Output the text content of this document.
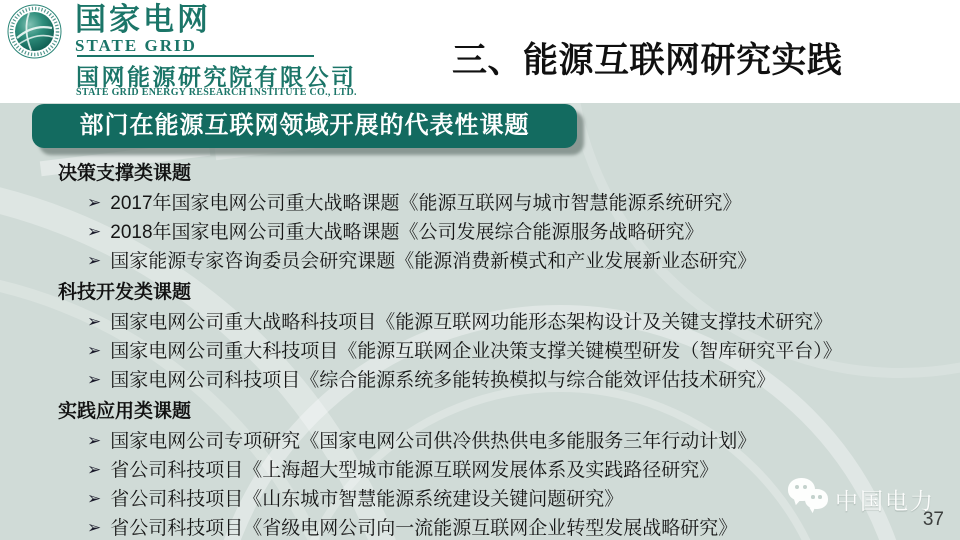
国家电网
STATE GRID
国网能源研究院有限公司
STATE GRID ENERGY RESEARCH INSTITUTE CO., LTD.
三、能源互联网研究实践
部门在能源互联网领域开展的代表性课题
决策支撑类课题
➢ 2017年国家电网公司重大战略课题《能源互联网与城市智慧能源系统研究》
➢ 2018年国家电网公司重大战略课题《公司发展综合能源服务战略研究》
➢ 国家能源专家咨询委员会研究课题《能源消费新模式和产业发展新业态研究》
科技开发类课题
➢ 国家电网公司重大战略科技项目《能源互联网功能形态架构设计及关键支撑技术研究》
➢ 国家电网公司重大科技项目《能源互联网企业决策支撑关键模型研发（智库研究平台）》
➢ 国家电网公司科技项目《综合能源系统多能转换模拟与综合能效评估技术研究》
实践应用类课题
➢ 国家电网公司专项研究《国家电网公司供冷供热供电多能服务三年行动计划》
➢ 省公司科技项目《上海超大型城市能源互联网发展体系及实践路径研究》
➢ 省公司科技项目《山东城市智慧能源系统建设关键问题研究》
➢ 省公司科技项目《省级电网公司向一流能源互联网企业转型发展战略研究》
中国电力
37
